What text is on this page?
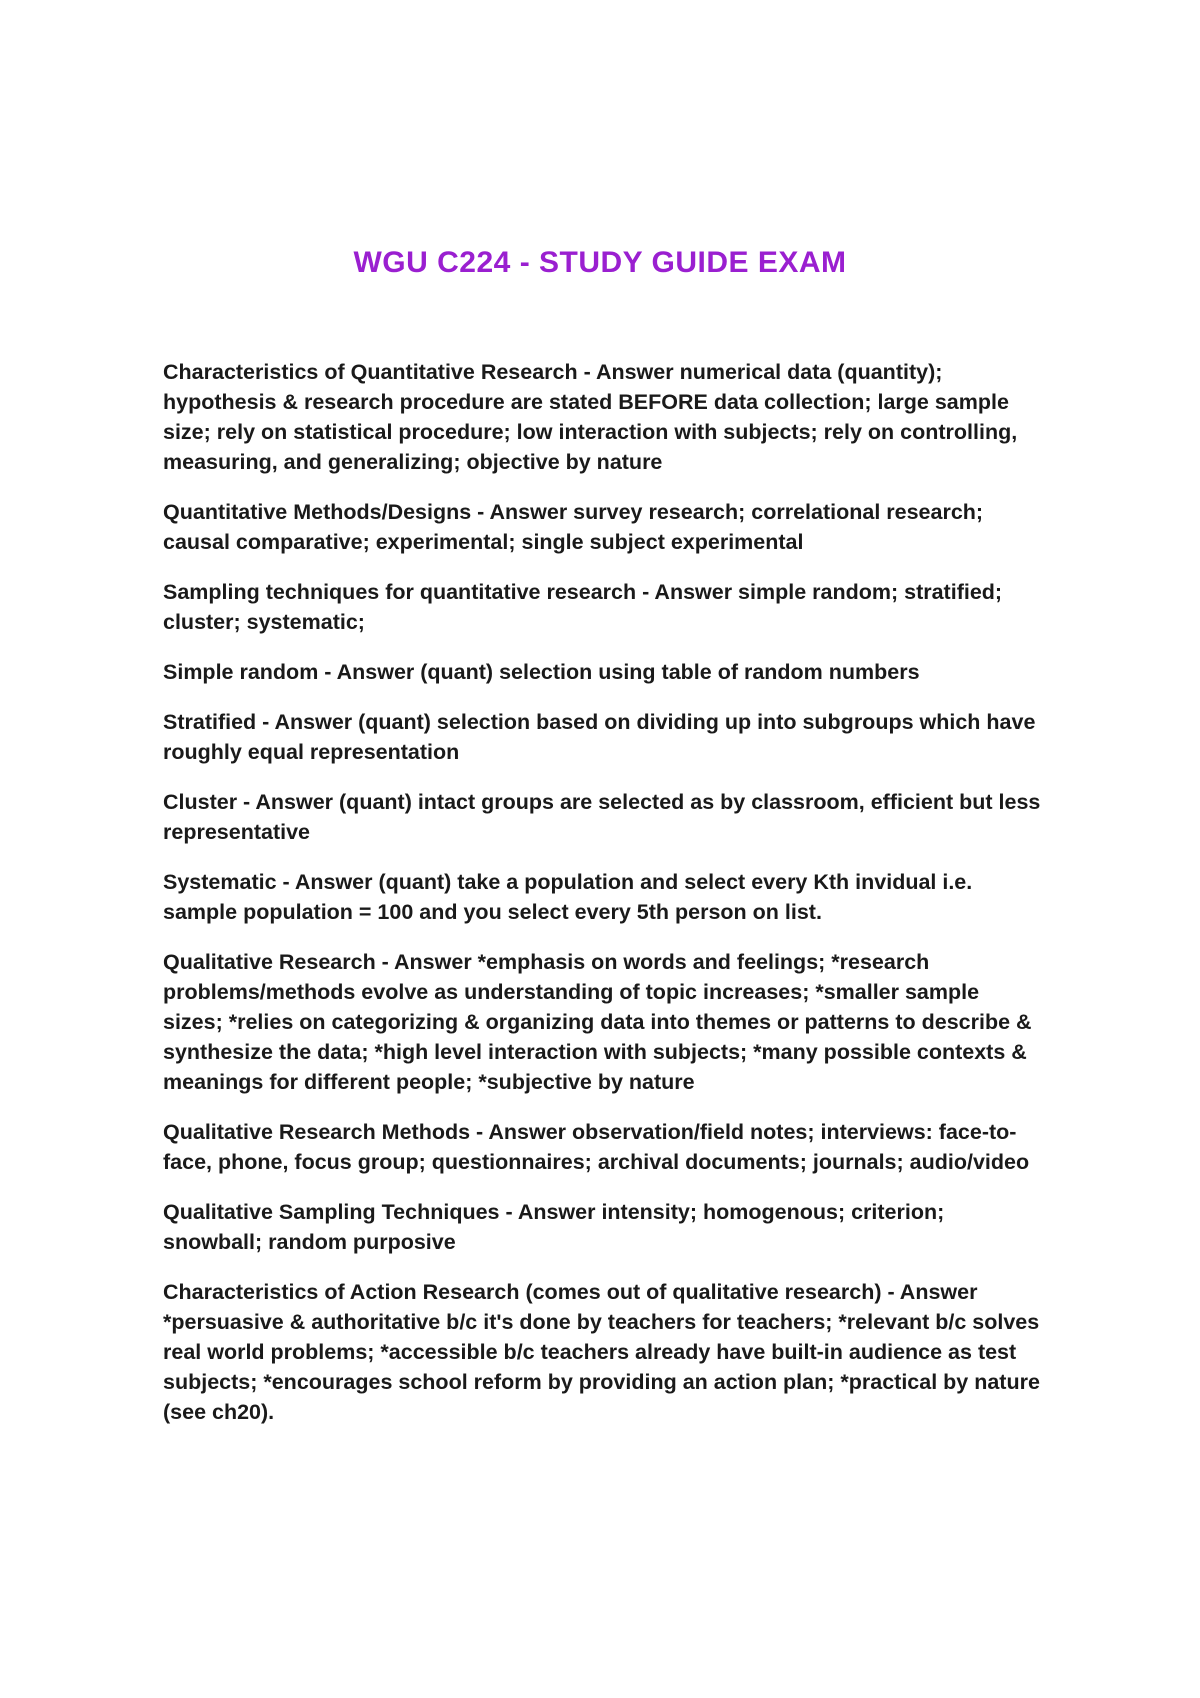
WGU C224 - STUDY GUIDE EXAM

Characteristics of Quantitative Research - Answer numerical data (quantity); hypothesis & research procedure are stated BEFORE data collection; large sample size; rely on statistical procedure; low interaction with subjects; rely on controlling, measuring, and generalizing; objective by nature

Quantitative Methods/Designs - Answer survey research; correlational research; causal comparative; experimental; single subject experimental

Sampling techniques for quantitative research - Answer simple random; stratified; cluster; systematic;

Simple random - Answer (quant) selection using table of random numbers

Stratified - Answer (quant) selection based on dividing up into subgroups which have roughly equal representation

Cluster - Answer (quant) intact groups are selected as by classroom, efficient but less representative

Systematic - Answer (quant) take a population and select every Kth invidual i.e. sample population = 100 and you select every 5th person on list.

Qualitative Research - Answer *emphasis on words and feelings; *research problems/methods evolve as understanding of topic increases; *smaller sample sizes; *relies on categorizing & organizing data into themes or patterns to describe & synthesize the data; *high level interaction with subjects; *many possible contexts & meanings for different people; *subjective by nature

Qualitative Research Methods - Answer observation/field notes; interviews: face-to-face, phone, focus group; questionnaires; archival documents; journals; audio/video

Qualitative Sampling Techniques - Answer intensity; homogenous; criterion; snowball; random purposive

Characteristics of Action Research (comes out of qualitative research) - Answer *persuasive & authoritative b/c it's done by teachers for teachers; *relevant b/c solves real world problems; *accessible b/c teachers already have built-in audience as test subjects; *encourages school reform by providing an action plan; *practical by nature (see ch20).
